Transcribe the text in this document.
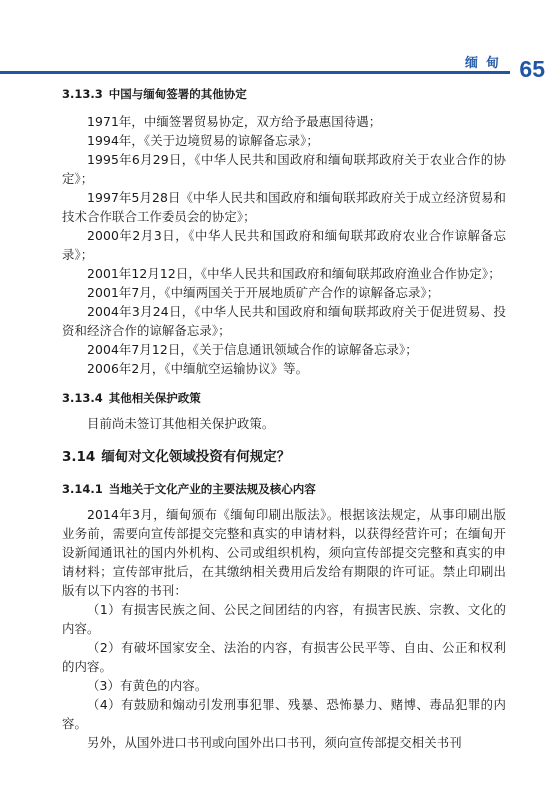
缅甸 65
3.13.3 中国与缅甸签署的其他协定

1971年，中缅签署贸易协定，双方给予最惠国待遇；

1994年，《关于边境贸易的谅解备忘录》；

1995年6月29日，《中华人民共和国政府和缅甸联邦政府关于农业合作的协定》；

1997年5月28日《中华人民共和国政府和缅甸联邦政府关于成立经济贸易和技术合作联合工作委员会的协定》；

2000年2月3日，《中华人民共和国政府和缅甸联邦政府农业合作谅解备忘录》；

2001年12月12日，《中华人民共和国政府和缅甸联邦政府渔业合作协定》；

2001年7月，《中缅两国关于开展地质矿产合作的谅解备忘录》；

2004年3月24日，《中华人民共和国政府和缅甸联邦政府关于促进贸易、投资和经济合作的谅解备忘录》；

2004年7月12日，《关于信息通讯领域合作的谅解备忘录》；

2006年2月，《中缅航空运输协议》等。

3.13.4 其他相关保护政策

目前尚未签订其他相关保护政策。

3.14 缅甸对文化领域投资有何规定？
3.14.1 当地关于文化产业的主要法规及核心内容

2014年3月，缅甸颁布《缅甸印刷出版法》。根据该法规定，从事印刷出版业务前，需要向宣传部提交完整和真实的申请材料，以获得经营许可；在缅甸开设新闻通讯社的国内外机构、公司或组织机构，须向宣传部提交完整和真实的申请材料；宣传部审批后，在其缴纳相关费用后发给有期限的许可证。禁止印刷出版有以下内容的书刊：

（1）有损害民族之间、公民之间团结的内容，有损害民族、宗教、文化的内容。

（2）有破坏国家安全、法治的内容，有损害公民平等、自由、公正和权利的内容。

（3）有黄色的内容。

（4）有鼓励和煽动引发刑事犯罪、残暴、恐怖暴力、赌博、毒品犯罪的内容。

另外，从国外进口书刊或向国外出口书刊，须向宣传部提交相关书刊
